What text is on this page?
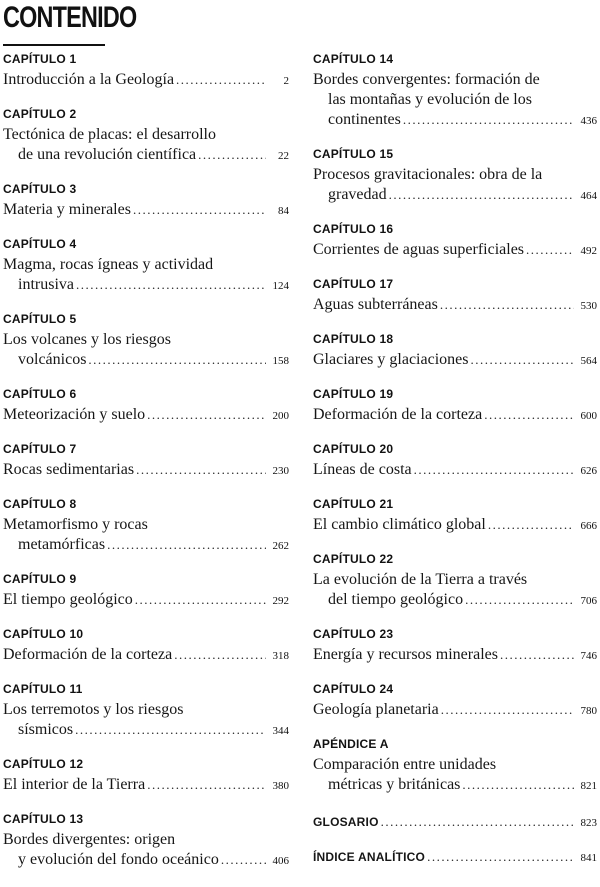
CONTENIDO
CAPÍTULO 1
Introducción a la Geología .....	2
CAPÍTULO 2
Tectónica de placas: el desarrollo
de una revolución científica .....	22
CAPÍTULO 3
Materia y minerales .....	84
CAPÍTULO 4
Magma, rocas ígneas y actividad
intrusiva .....	124
CAPÍTULO 5
Los volcanes y los riesgos
volcánicos .....	158
CAPÍTULO 6
Meteorización y suelo .....	200
CAPÍTULO 7
Rocas sedimentarias .....	230
CAPÍTULO 8
Metamorfismo y rocas
metamórficas .....	262
CAPÍTULO 9
El tiempo geológico .....	292
CAPÍTULO 10
Deformación de la corteza .....	318
CAPÍTULO 11
Los terremotos y los riesgos
sísmicos .....	344
CAPÍTULO 12
El interior de la Tierra .....	380
CAPÍTULO 13
Bordes divergentes: origen
y evolución del fondo oceánico .....	406
CAPÍTULO 14
Bordes convergentes: formación de
las montañas y evolución de los
continentes .....	436
CAPÍTULO 15
Procesos gravitacionales: obra de la
gravedad .....	464
CAPÍTULO 16
Corrientes de aguas superficiales .....	492
CAPÍTULO 17
Aguas subterráneas .....	530
CAPÍTULO 18
Glaciares y glaciaciones .....	564
CAPÍTULO 19
Deformación de la corteza .....	600
CAPÍTULO 20
Líneas de costa .....	626
CAPÍTULO 21
El cambio climático global .....	666
CAPÍTULO 22
La evolución de la Tierra a través
del tiempo geológico .....	706
CAPÍTULO 23
Energía y recursos minerales .....	746
CAPÍTULO 24
Geología planetaria .....	780
APÉNDICE A
Comparación entre unidades
métricas y británicas .....	821
GLOSARIO .....	823
ÍNDICE ANALÍTICO .....	841
